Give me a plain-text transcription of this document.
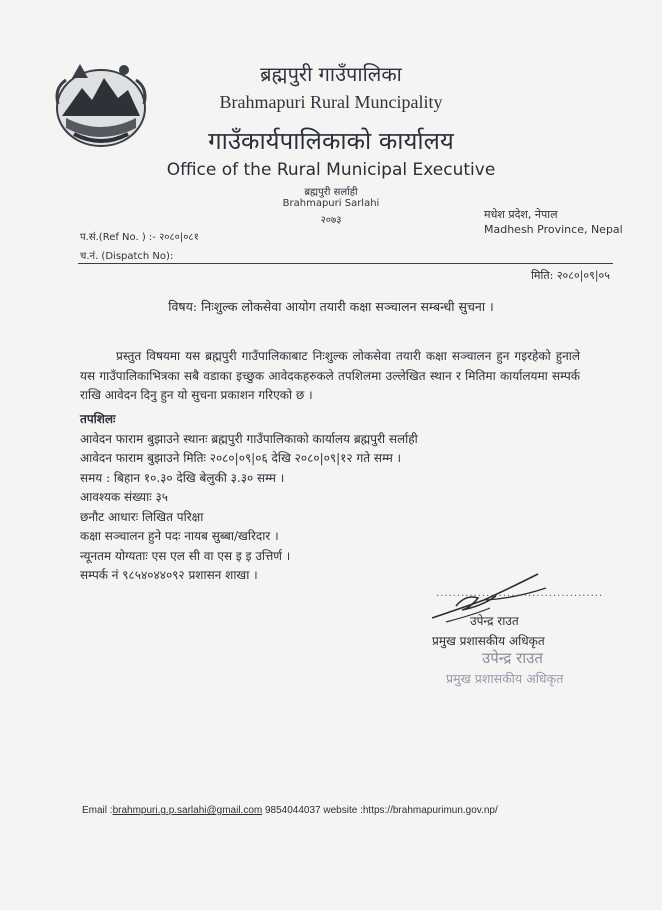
ब्रह्मपुरी गाउँपालिका
Brahmapuri Rural Muncipality
गाउँकार्यपालिकाको कार्यालय
Office of the Rural Municipal Executive
ब्रह्मपुरी सर्लाही
Brahmapuri Sarlahi
२०७३	मधेश प्रदेश, नेपाल
Madhesh Province, Nepal
प.सं.(Ref No. ) :- २०८०|०८१
च.नं. (Dispatch No):
मिति: २०८०|०९|०५
विषय: निःशुल्क लोकसेवा आयोग तयारी कक्षा सञ्चालन सम्बन्धी सुचना ।
प्रस्तुत विषयमा यस ब्रह्मपुरी गाउँपालिकाबाट निःशुल्क लोकसेवा तयारी कक्षा सञ्चालन हुन गइरहेको हुनाले यस गाउँपालिकाभित्रका सबै वडाका इच्छुक आवेदकहरुकले तपशिलमा उल्लेखित स्थान र मितिमा कार्यालयमा सम्पर्क राखि आवेदन दिनु हुन यो सुचना प्रकाशन गरिएको छ ।
तपशिलः
आवेदन फाराम बुझाउने स्थानः ब्रह्मपुरी गाउँपालिकाको कार्यालय ब्रह्मपुरी सर्लाही
आवेदन फाराम बुझाउने मितिः २०८०|०९|०६ देखि २०८०|०९|१२ गते सम्म ।
समय : बिहान १०.३० देखि बेलुकी ३.३० सम्म ।
आवश्यक संख्याः ३५
छनौट आधारः लिखित परिक्षा
कक्षा सञ्चालन हुने पदः नायब सुब्बा/खरिदार ।
न्यूनतम योग्यताः एस एल सी वा एस इ इ उत्तिर्ण ।
सम्पर्क नं ९८५४०४४०९२ प्रशासन शाखा ।
........................................
उपेन्द्र राउत
प्रमुख प्रशासकीय अधिकृत
उपेन्द्र राउत
प्रमुख प्रशासकीय अधिकृत
Email :brahmpuri.g.p.sarlahi@gmail.com 9854044037 website :https://brahmapurimun.gov.np/
